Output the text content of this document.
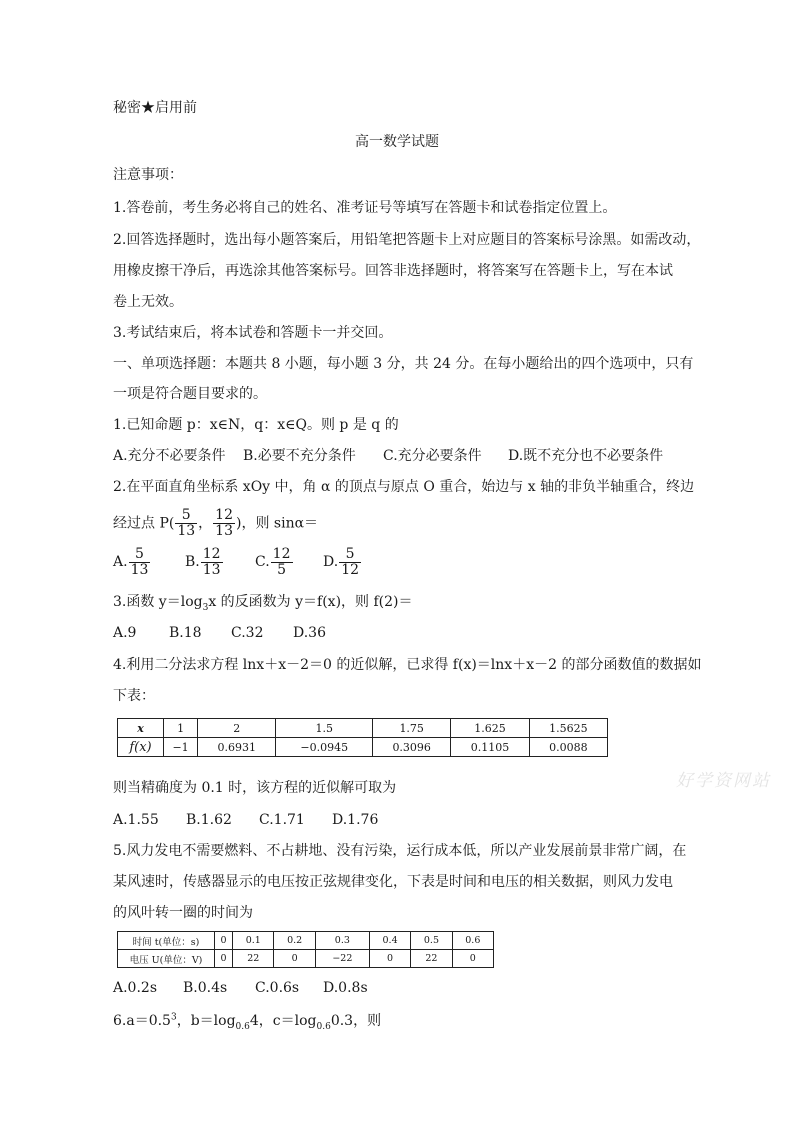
秘密★启用前
高一数学试题
注意事项：
1.答卷前，考生务必将自己的姓名、准考证号等填写在答题卡和试卷指定位置上。
2.回答选择题时，选出每小题答案后，用铅笔把答题卡上对应题目的答案标号涂黑。如需改动，
用橡皮擦干净后，再选涂其他答案标号。回答非选择题时，将答案写在答题卡上，写在本试
卷上无效。
3.考试结束后，将本试卷和答题卡一并交回。
一、单项选择题：本题共 8 小题，每小题 3 分，共 24 分。在每小题给出的四个选项中，只有
一项是符合题目要求的。
1.已知命题 p：x∈N，q：x∈Q。则 p 是 q 的
A.充分不必要条件 B.必要不充分条件 C.充分必要条件 D.既不充分也不必要条件
2.在平面直角坐标系 xOy 中，角 α 的顶点与原点 O 重合，始边与 x 轴的非负半轴重合，终边
经过点 $P( \frac{5}{13}$ ， $\frac{12}{13}$ )，则 sinα＝
A. $\frac{5}{13} B$. $\frac{12}{13} C$. $\frac{12}{5} D$. $\frac{5}{12}$
3.函数 $y=\log_3x$ 的反函数为 y＝f(x)，则 f(2)＝
A.9 B.18 C.32 D.36
4.利用二分法求方程 lnx＋x－2＝0 的近似解，已求得 f(x)＝lnx＋x－2 的部分函数值的数据如
下表：
x	1	2	1.5	1.75	1.625	1.5625
f(x)	−1	0.6931	−0.0945	0.3096	0.1105	0.0088
好学资网站
则当精确度为 0.1 时，该方程的近似解可取为
A.1.55 B.1.62 C.1.71 D.1.76
5.风力发电不需要燃料、不占耕地、没有污染，运行成本低，所以产业发展前景非常广阔，在
某风速时，传感器显示的电压按正弦规律变化，下表是时间和电压的相关数据，则风力发电
的风叶转一圈的时间为
时间 t(单位：s)	0	0.1	0.2	0.3	0.4	0.5	0.6
电压 U(单位：V)	0	22	0	−22	0	22	0
A.0.2s B.0.4s C.0.6s D.0.8s
$6.a=0.5^3$，$b=\log_{0.6}4$，$c=\log_{0.6}0.3$，则
